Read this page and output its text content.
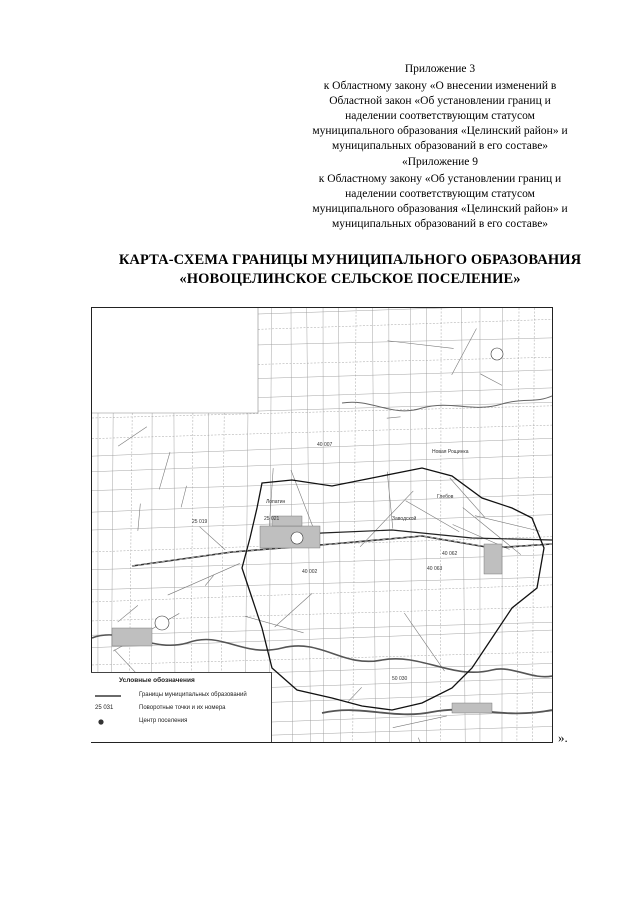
Приложение 3

к Областному закону «О внесении изменений в

Областной закон «Об установлении границ и

наделении соответствующим статусом

муниципального образования «Целинский район» и

муниципальных образований в его составе»

«Приложение 9

к Областному закону «Об установлении границ и

наделении соответствующим статусом

муниципального образования «Целинский район» и

муниципальных образований в его составе»

КАРТА-СХЕМА ГРАНИЦЫ МУНИЦИПАЛЬНОГО ОБРАЗОВАНИЯ
«НОВОЦЕЛИНСКОЕ СЕЛЬСКОЕ ПОСЕЛЕНИЕ»
Лопатин
Новая Рощинка
Глебов
Заводской
25 021
25 019
40 007
40 062
40 063
40 002
50 030
Условные обозначения
Границы муниципальных образований
25 031	Поворотные точки и их номера
Центр поселения
».
